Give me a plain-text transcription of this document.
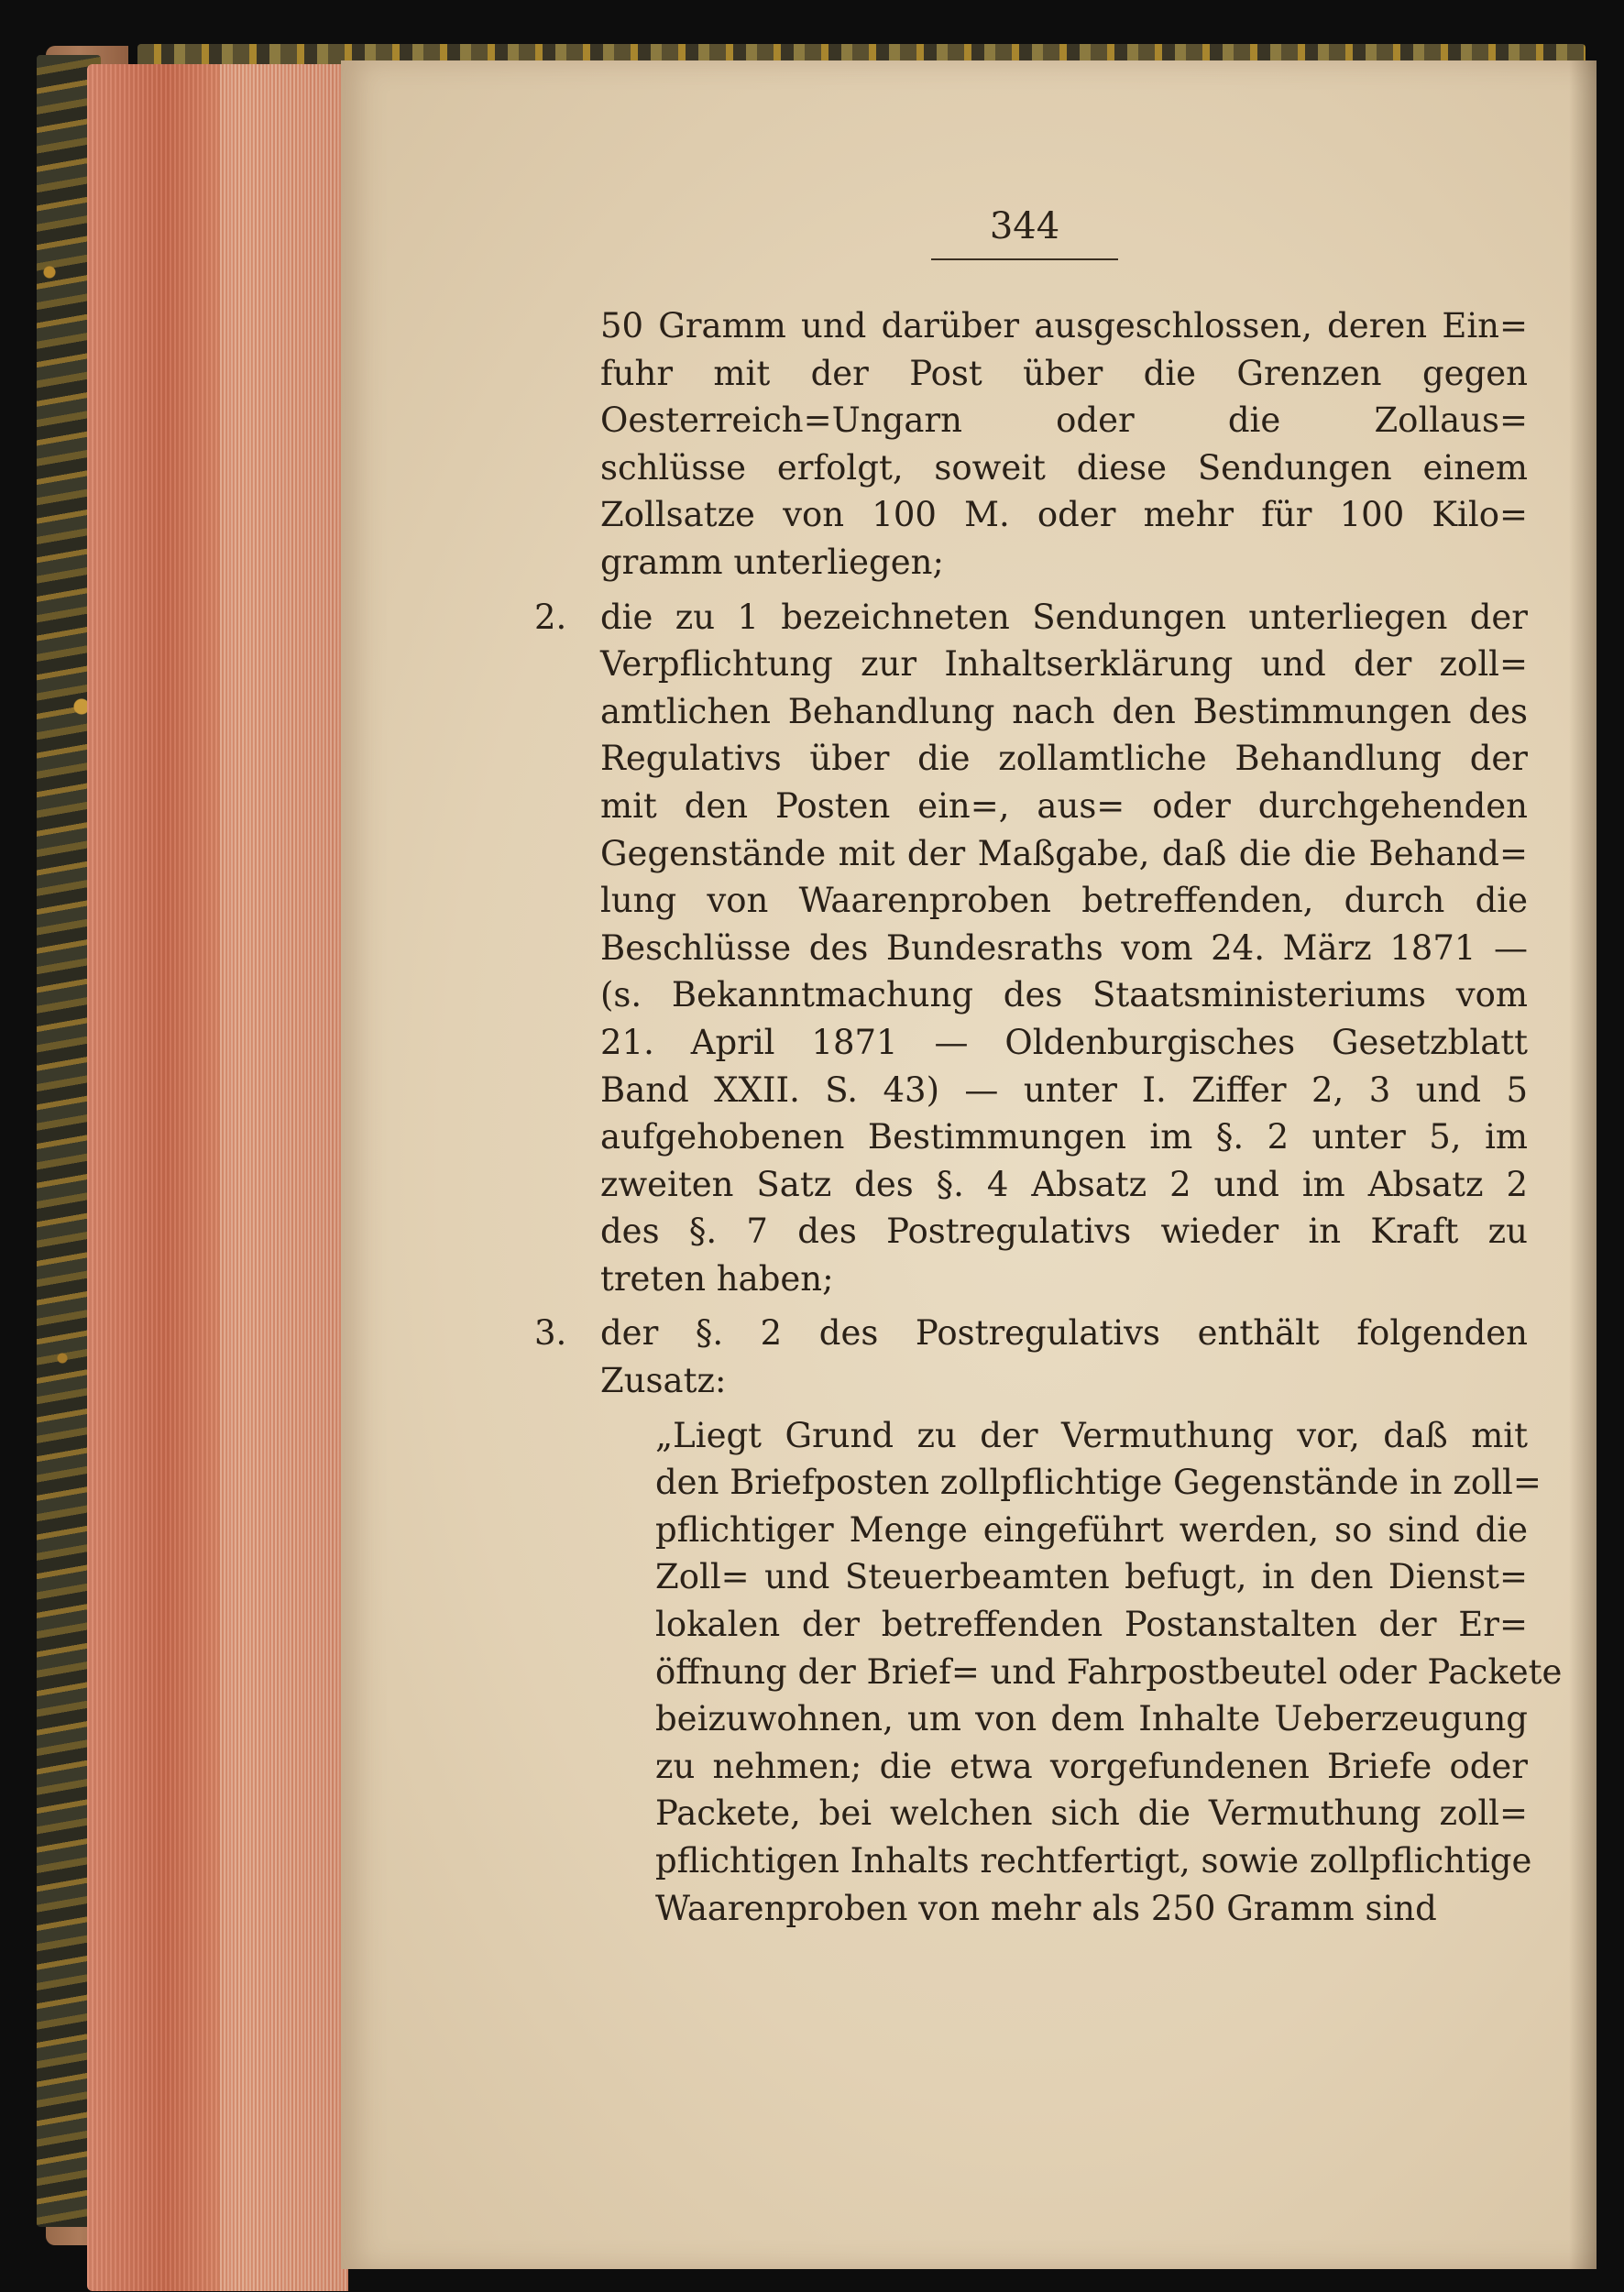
344
50 Gramm und darüber ausgeschlossen, deren Ein=
fuhr mit der Post über die Grenzen gegen
Oesterreich=Ungarn oder die Zollaus=
schlüsse erfolgt, soweit diese Sendungen einem
Zollsatze von 100 M. oder mehr für 100 Kilo=
gramm unterliegen;
2. die zu 1 bezeichneten Sendungen unterliegen der
Verpflichtung zur Inhaltserklärung und der zoll=
amtlichen Behandlung nach den Bestimmungen des
Regulativs über die zollamtliche Behandlung der
mit den Posten ein=, aus= oder durchgehenden
Gegenstände mit der Maßgabe, daß die die Behand=
lung von Waarenproben betreffenden, durch die
Beschlüsse des Bundesraths vom 24. März 1871 —
(s. Bekanntmachung des Staatsministeriums vom
21. April 1871 — Oldenburgisches Gesetzblatt
Band XXII. S. 43) — unter I. Ziffer 2, 3 und 5
aufgehobenen Bestimmungen im §. 2 unter 5, im
zweiten Satz des §. 4 Absatz 2 und im Absatz 2
des §. 7 des Postregulativs wieder in Kraft zu
treten haben;
3. der §. 2 des Postregulativs enthält folgenden
Zusatz:
„Liegt Grund zu der Vermuthung vor, daß mit
den Briefposten zollpflichtige Gegenstände in zoll=
pflichtiger Menge eingeführt werden, so sind die
Zoll= und Steuerbeamten befugt, in den Dienst=
lokalen der betreffenden Postanstalten der Er=
öffnung der Brief= und Fahrpostbeutel oder Packete
beizuwohnen, um von dem Inhalte Ueberzeugung
zu nehmen; die etwa vorgefundenen Briefe oder
Packete, bei welchen sich die Vermuthung zoll=
pflichtigen Inhalts rechtfertigt, sowie zollpflichtige
Waarenproben von mehr als 250 Gramm sind
